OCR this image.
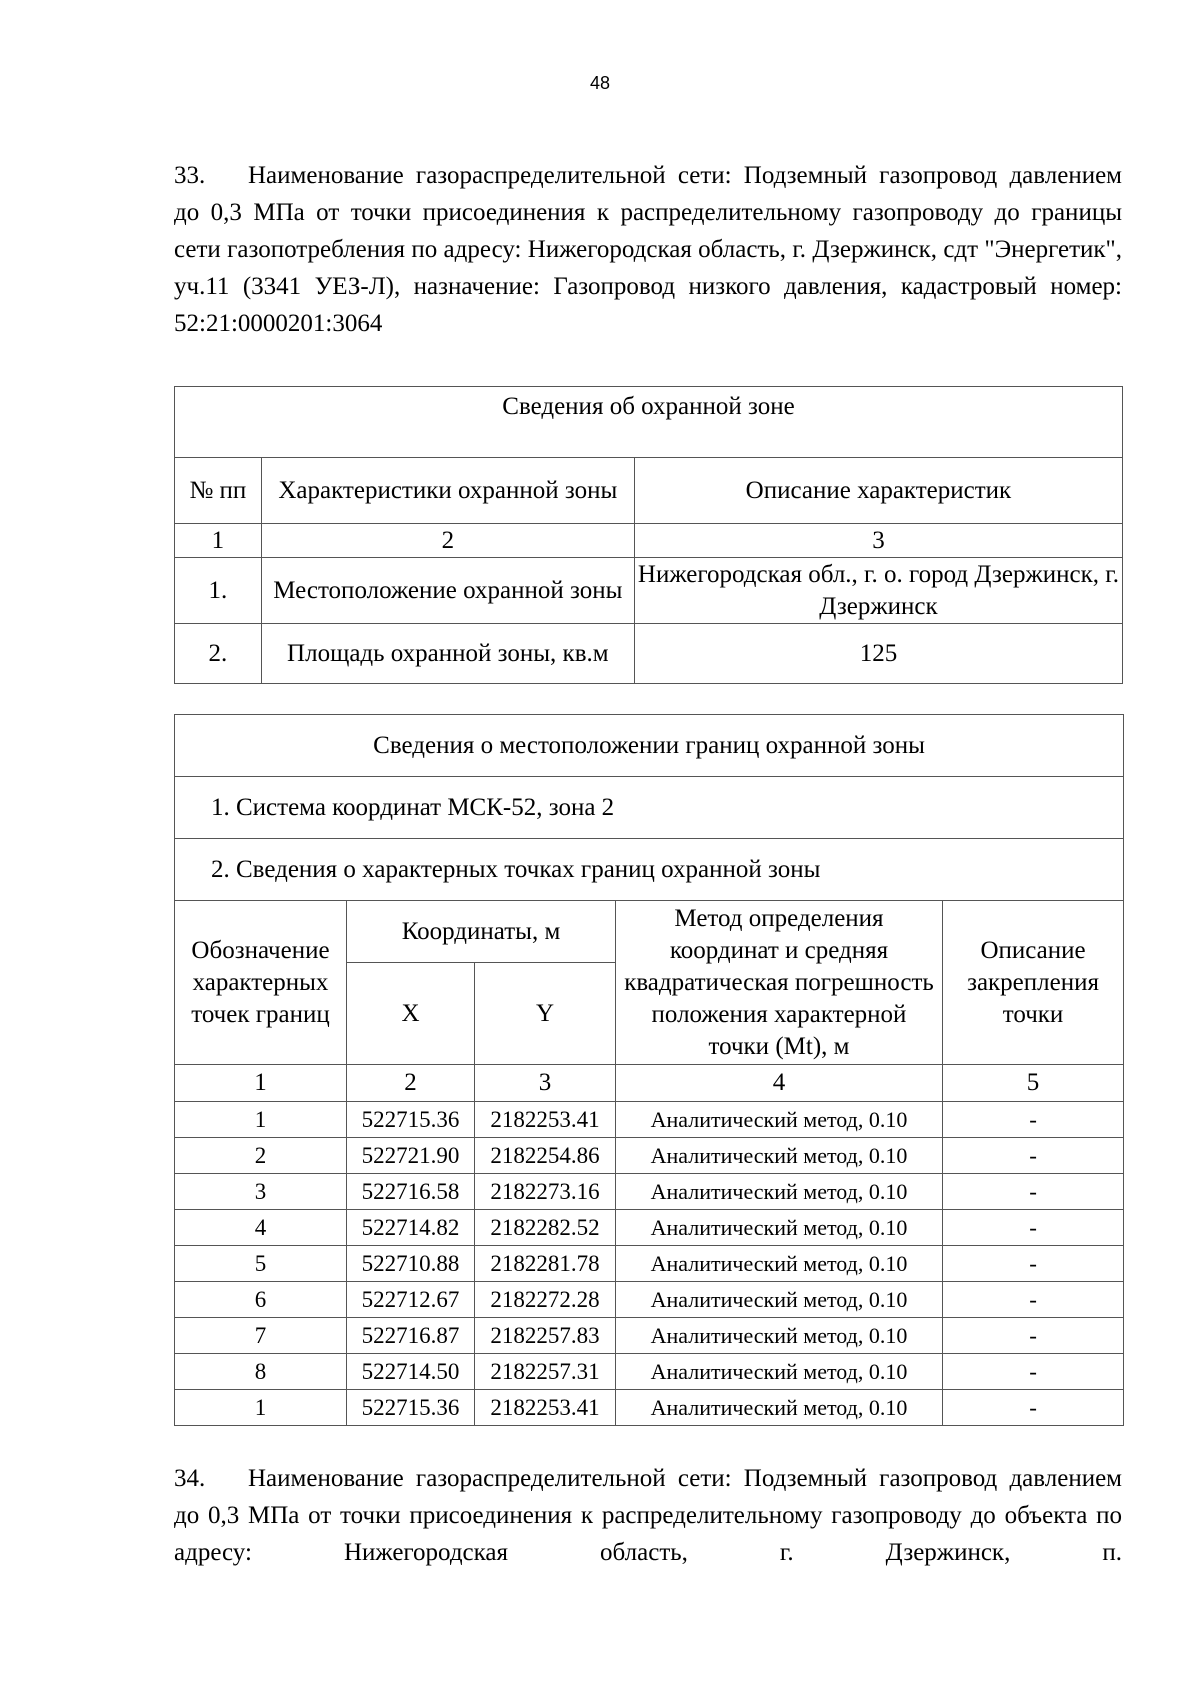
48
33. Наименование газораспределительной сети: Подземный газопровод давлением до 0,3 МПа от точки присоединения к распределительному газопроводу до границы сети газопотребления по адресу: Нижегородская область, г. Дзержинск, сдт "Энергетик", уч.11 (3341 УЕЗ-Л), назначение: Газопровод низкого давления, кадастровый номер: 52:21:0000201:3064
Сведения об охранной зоне		
№ пп	Характеристики охранной зоны	Описание характеристик
1	2	3
1.	Местоположение охранной зоны	Нижегородская обл., г. о. город Дзержинск, г. Дзержинск
2.	Площадь охранной зоны, кв.м	125
Сведения о местоположении границ охранной зоны				
1. Система координат МСК-52, зона 2				
2. Сведения о характерных точках границ охранной зоны				
Обозначение характерных точек границ	Координаты, м		Метод определения координат и средняя квадратическая погрешность положения характерной точки (Mt), м	Описание закрепления точки
	X	Y		
1	2	3	4	5
1	522715.36	2182253.41	Аналитический метод, 0.10	-
2	522721.90	2182254.86	Аналитический метод, 0.10	-
3	522716.58	2182273.16	Аналитический метод, 0.10	-
4	522714.82	2182282.52	Аналитический метод, 0.10	-
5	522710.88	2182281.78	Аналитический метод, 0.10	-
6	522712.67	2182272.28	Аналитический метод, 0.10	-
7	522716.87	2182257.83	Аналитический метод, 0.10	-
8	522714.50	2182257.31	Аналитический метод, 0.10	-
1	522715.36	2182253.41	Аналитический метод, 0.10	-
34. Наименование газораспределительной сети: Подземный газопровод давлением до 0,3 МПа от точки присоединения к распределительному газопроводу до объекта по адресу: Нижегородская область, г. Дзержинск, п.
